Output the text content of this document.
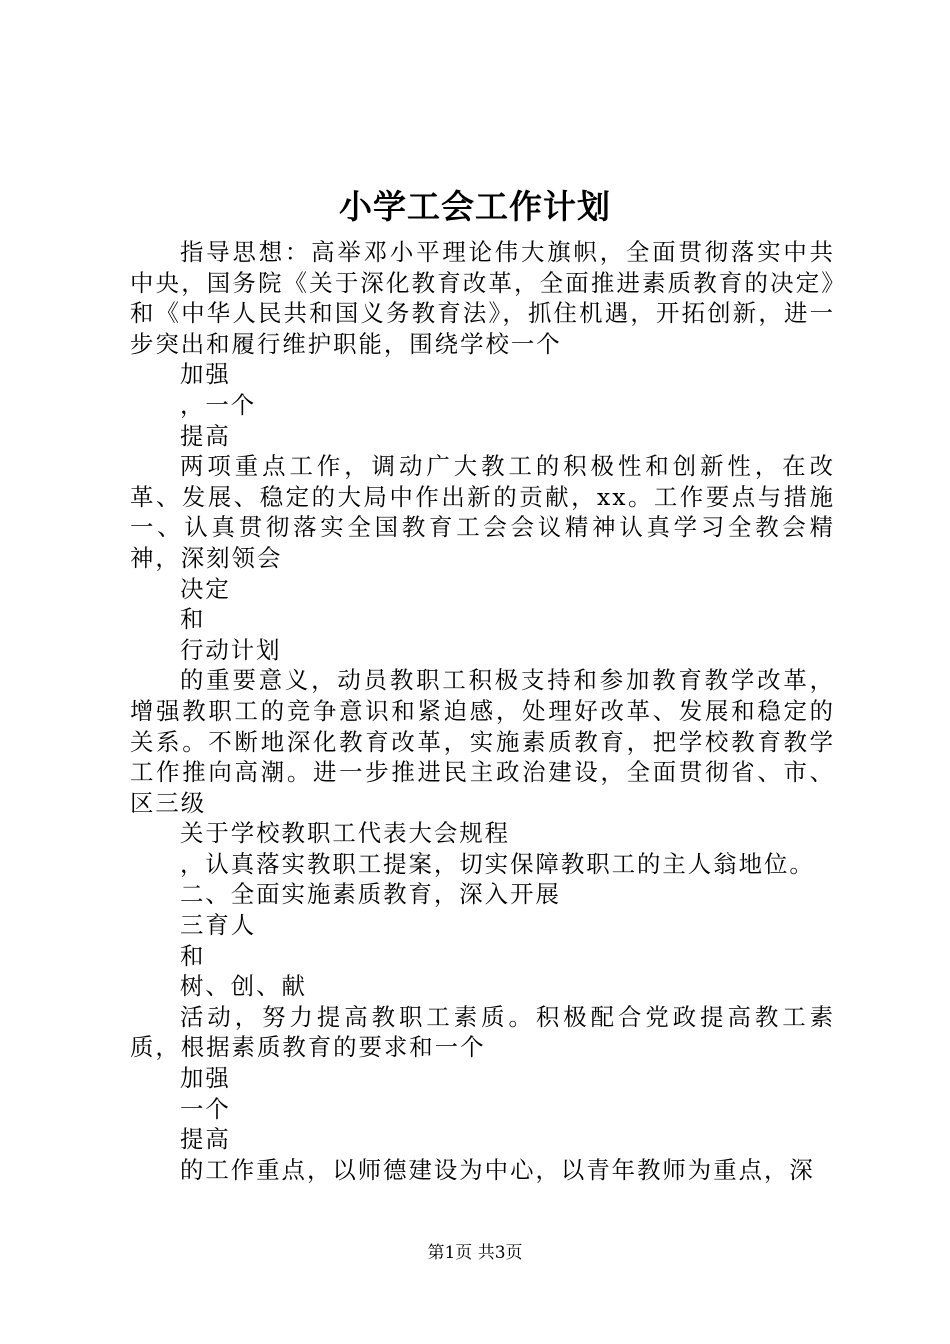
小学工会工作计划

指导思想：高举邓小平理论伟大旗帜，全面贯彻落实中共中央，国务院《关于深化教育改革，全面推进素质教育的决定》和《中华人民共和国义务教育法》，抓住机遇，开拓创新，进一步突出和履行维护职能，围绕学校一个

加强

，一个

提高

两项重点工作，调动广大教工的积极性和创新性，在改革、发展、稳定的大局中作出新的贡献，xx。工作要点与措施一、认真贯彻落实全国教育工会会议精神认真学习全教会精神，深刻领会

决定

和

行动计划

的重要意义，动员教职工积极支持和参加教育教学改革，增强教职工的竞争意识和紧迫感，处理好改革、发展和稳定的关系。不断地深化教育改革，实施素质教育，把学校教育教学工作推向高潮。进一步推进民主政治建设，全面贯彻省、市、区三级

关于学校教职工代表大会规程

，认真落实教职工提案，切实保障教职工的主人翁地位。

二、全面实施素质教育，深入开展

三育人

和

树、创、献

活动，努力提高教职工素质。积极配合党政提高教工素质，根据素质教育的要求和一个

加强

一个

提高

的工作重点，以师德建设为中心，以青年教师为重点，深

第1页 共3页
